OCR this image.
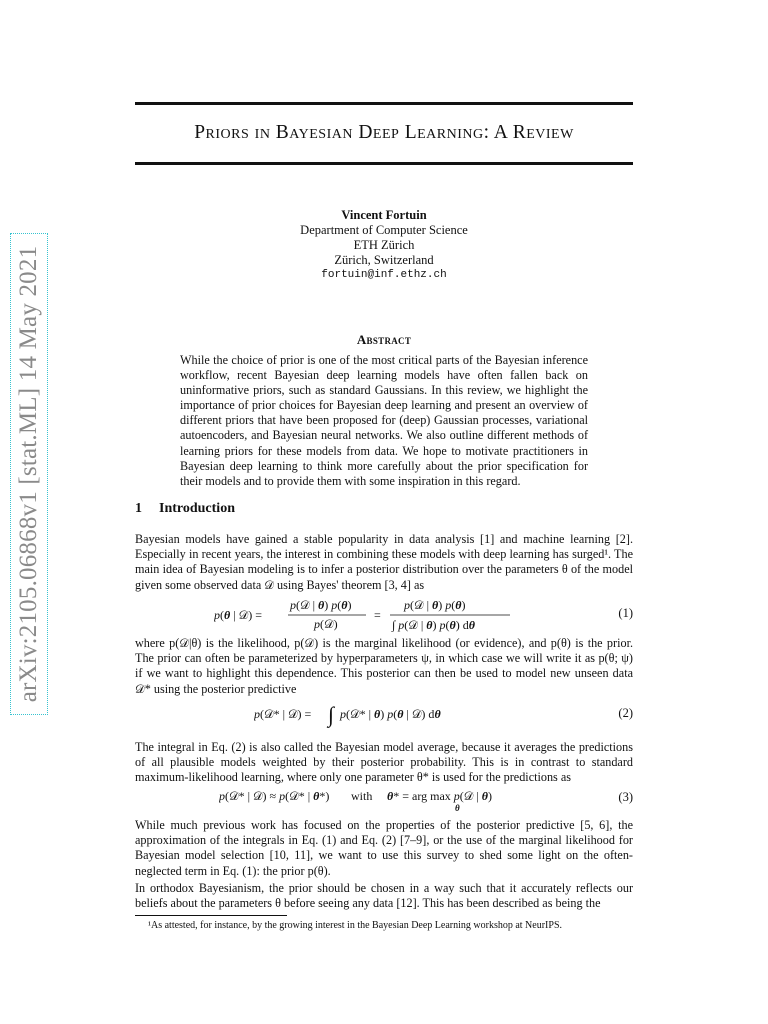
arXiv:2105.06868v1 [stat.ML] 14 May 2021
Priors in Bayesian Deep Learning: A Review
Vincent Fortuin
Department of Computer Science
ETH Zürich
Zürich, Switzerland
fortuin@inf.ethz.ch
Abstract
While the choice of prior is one of the most critical parts of the Bayesian inference workflow, recent Bayesian deep learning models have often fallen back on uninformative priors, such as standard Gaussians. In this review, we highlight the importance of prior choices for Bayesian deep learning and present an overview of different priors that have been proposed for (deep) Gaussian processes, variational autoencoders, and Bayesian neural networks. We also outline different methods of learning priors for these models from data. We hope to motivate practitioners in Bayesian deep learning to think more carefully about the prior specification for their models and to provide them with some inspiration in this regard.
1 Introduction
Bayesian models have gained a stable popularity in data analysis [1] and machine learning [2]. Especially in recent years, the interest in combining these models with deep learning has surged¹. The main idea of Bayesian modeling is to infer a posterior distribution over the parameters θ of the model given some observed data 𝒟 using Bayes' theorem [3, 4] as
p(θ | 𝒟) =
p(𝒟 | θ) p(θ)
p(𝒟)
=
p(𝒟 | θ) p(θ)
∫ p(𝒟 | θ) p(θ) dθ
(1)
where p(𝒟|θ) is the likelihood, p(𝒟) is the marginal likelihood (or evidence), and p(θ) is the prior. The prior can often be parameterized by hyperparameters ψ, in which case we will write it as p(θ; ψ) if we want to highlight this dependence. This posterior can then be used to model new unseen data 𝒟* using the posterior predictive
p(𝒟* | 𝒟) = ∫ p(𝒟* | θ) p(θ | 𝒟) dθ	(2)
The integral in Eq. (2) is also called the Bayesian model average, because it averages the predictions of all plausible models weighted by their posterior probability. This is in contrast to standard maximum-likelihood learning, where only one parameter θ* is used for the predictions as
p(𝒟* | 𝒟) ≈ p(𝒟* | θ*) with θ* = arg max p(𝒟 | θ)
θ
(3)
While much previous work has focused on the properties of the posterior predictive [5, 6], the approximation of the integrals in Eq. (1) and Eq. (2) [7–9], or the use of the marginal likelihood for Bayesian model selection [10, 11], we want to use this survey to shed some light on the often-neglected term in Eq. (1): the prior p(θ).
In orthodox Bayesianism, the prior should be chosen in a way such that it accurately reflects our beliefs about the parameters θ before seeing any data [12]. This has been described as being the
¹As attested, for instance, by the growing interest in the Bayesian Deep Learning workshop at NeurIPS.
